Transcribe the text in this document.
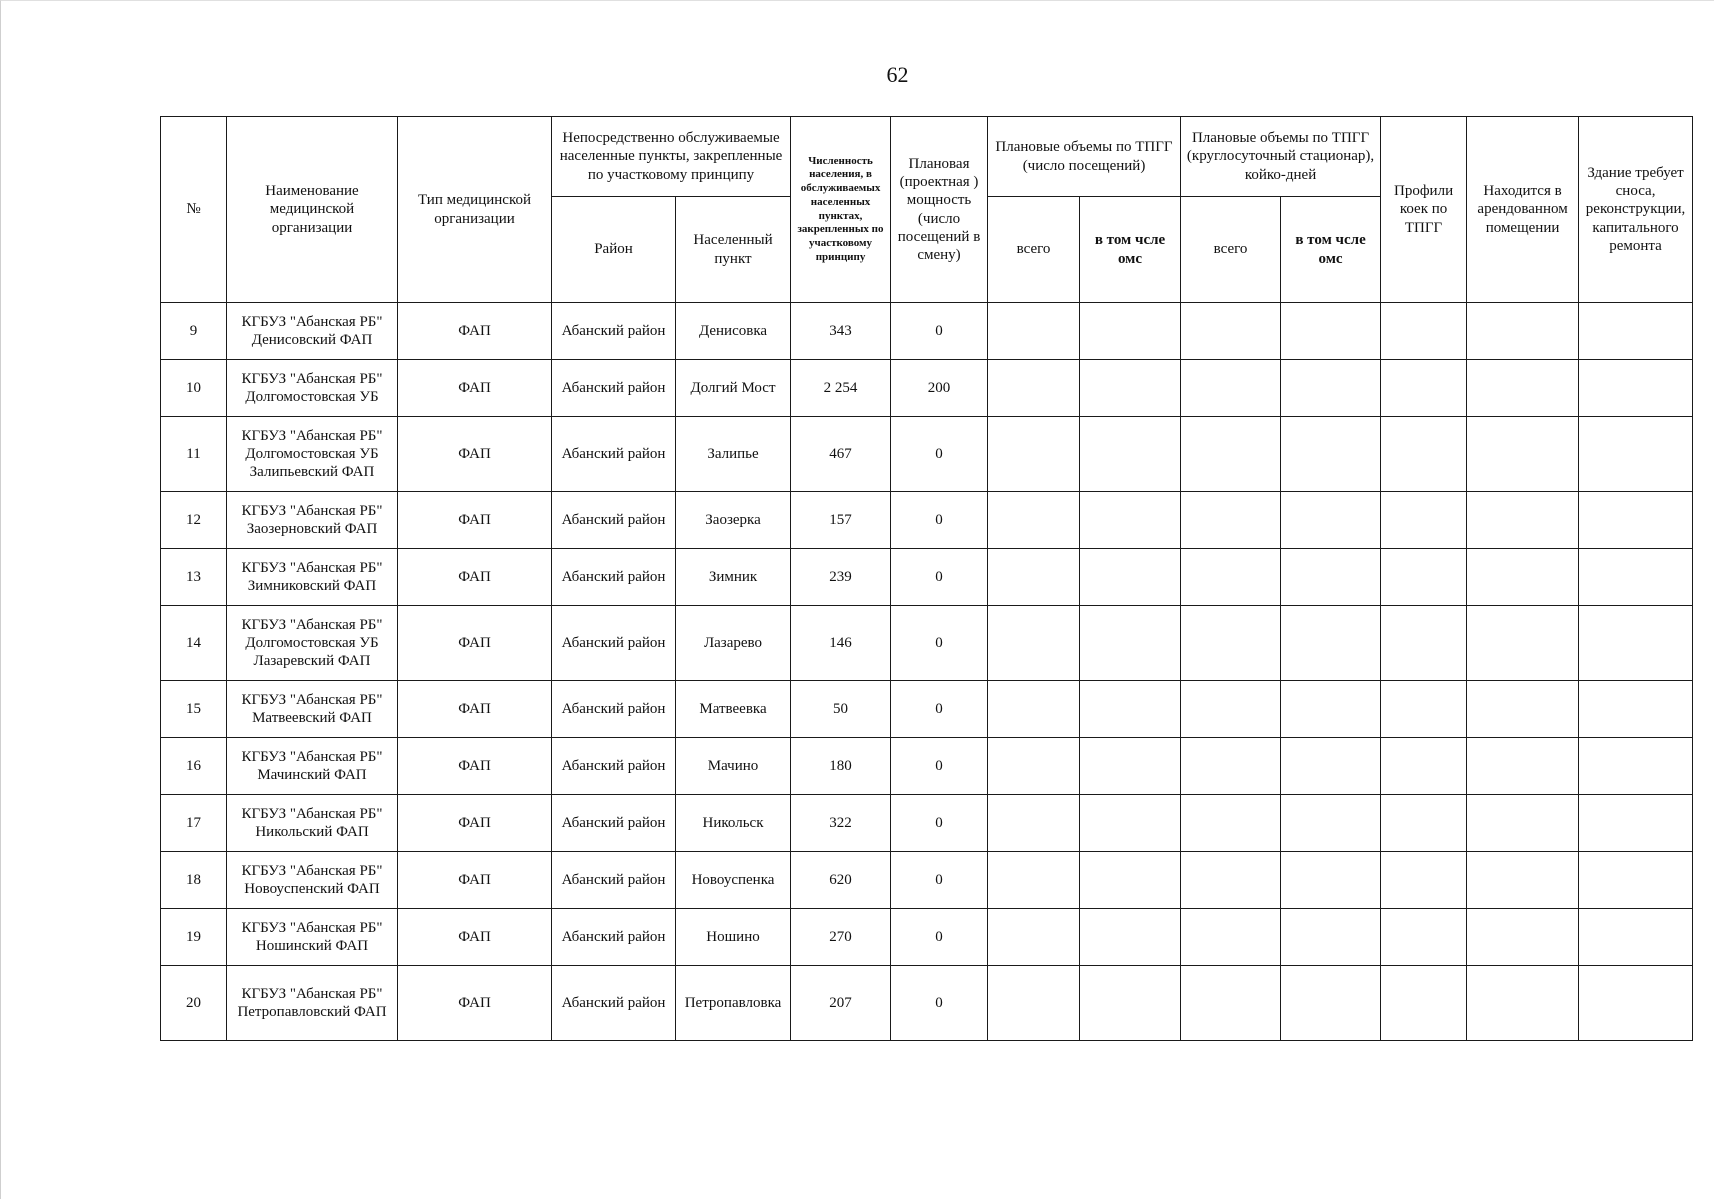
62
№	Наименование медицинской организации	Тип медицинской организации	Непосредственно обслуживаемые населенные пункты, закрепленные по участковому принципу		Численность населения, в обслуживаемых населенных пунктах, закрепленных по участковому принципу	Плановая (проектная ) мощность (число посещений в смену)	Плановые объемы по ТПГГ (число посещений)		Плановые объемы по ТПГГ (круглосуточный стационар), койко-дней		Профили коек по ТПГГ	Находится в арендованном помещении	Здание требует сноса, реконструкции, капитального ремонта
			Район	Населенный пункт			всего	в том чсле омс	всего	в том чсле омс			
9	КГБУЗ "Абанская РБ" Денисовский ФАП	ФАП	Абанский район	Денисовка	343	0							
10	КГБУЗ "Абанская РБ" Долгомостовская УБ	ФАП	Абанский район	Долгий Мост	2 254	200							
11	КГБУЗ "Абанская РБ" Долгомостовская УБ Залипьевский ФАП	ФАП	Абанский район	Залипье	467	0							
12	КГБУЗ "Абанская РБ" Заозерновский ФАП	ФАП	Абанский район	Заозерка	157	0							
13	КГБУЗ "Абанская РБ" Зимниковский ФАП	ФАП	Абанский район	Зимник	239	0							
14	КГБУЗ "Абанская РБ" Долгомостовская УБ Лазаревский ФАП	ФАП	Абанский район	Лазарево	146	0							
15	КГБУЗ "Абанская РБ" Матвеевский ФАП	ФАП	Абанский район	Матвеевка	50	0							
16	КГБУЗ "Абанская РБ" Мачинский ФАП	ФАП	Абанский район	Мачино	180	0							
17	КГБУЗ "Абанская РБ" Никольский ФАП	ФАП	Абанский район	Никольск	322	0							
18	КГБУЗ "Абанская РБ" Новоуспенский ФАП	ФАП	Абанский район	Новоуспенка	620	0							
19	КГБУЗ "Абанская РБ" Ношинский ФАП	ФАП	Абанский район	Ношино	270	0							
20	КГБУЗ "Абанская РБ" Петропавловский ФАП	ФАП	Абанский район	Петропавловка	207	0							
